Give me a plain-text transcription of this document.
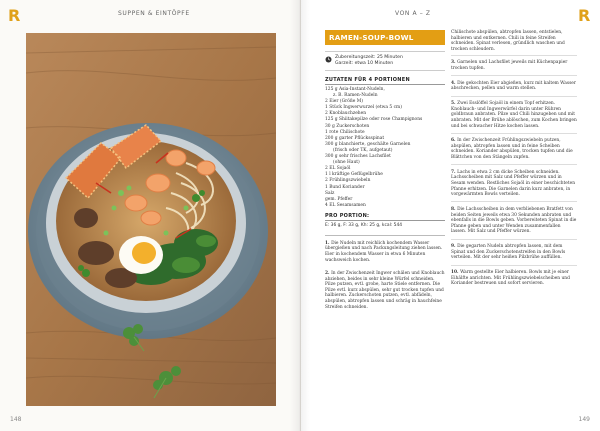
R	SUPPEN & EINTÖPFE
148
R
VON A – Z
RAMEN-SOUP-BOWL
Zubereitungszeit: 25 Minuten
Garzeit: etwa 10 Minuten
ZUTATEN FÜR 4 PORTIONEN
125 g Asia-Instant-Nudeln,
z. B. Ramen-Nudeln
2 Eier (Größe M)
1 Stück Ingwerwurzel (etwa 5 cm)
2 Knoblauchzehen
125 g Shiitakepilze oder rose Champignons
30 g Zuckerschoten
1 rote Chilischote
200 g garter Pflücksspinat
300 g blanchierte, geschälte Garnelen
(frisch oder TK, aufgetaut)
300 g sehr frisches Lachsfilet
(ohne Haut)
2 EL Sojaöl
1 l kräftige Geflügelbrühe
2 Frühlingszwiebeln
1 Bund Koriander
Salz
gem. Pfeffer
4 EL Sesamsamen
PRO PORTION:
E: 36 g, F: 33 g, Kh: 25 g, kcal: 544
1. Die Nudeln mit reichlich kochendem Wasser übergießen und nach Packungsleitung ziehen lassen. Eier in kochendem Wasser in etwa 6 Minuten wachsweich kochen.
2. In der Zwischenzeit Ingwer schälen und Knoblauch abziehen, beides in sehr kleine Würfel schneiden. Pilze putzen, evtl. grobe, harte Stiele entfernen. Die Pilze evtl. kurz abspülen, sehr gut trocken tupfen und halbieren. Zuckerschoten putzen, evtl. abfädeln, abspülen, abtropfen lassen und schräg in hauchfeine Streifen schneiden.
Chilischote abspülen, abtropfen lassen, entstielen, halbieren und entkernen. Chili in feine Streifen schneiden. Spinat verlesen, gründlich waschen und trocken schleudern.
3. Garnelen und Lachsfilet jeweils mit Küchenpapier trocken tupfen.
4. Die gekochten Eier abgießen, kurz mit kaltem Wasser abschrecken, pellen und warm stellen.
5. Zwei Esslöffel Sojaöl in einem Topf erhitzen. Knoblauch- und Ingwerwürfel darin unter Rühren goldbraun anbraten. Pilze und Chili hinzugeben und mit anbraten. Mit der Brühe ablöschen, zum Kochen bringen und bei schwacher Hitze kochen lassen.
6. In der Zwischenzeit Frühlingszwiebeln putzen, abspülen, abtropfen lassen und in feine Scheiben schneiden. Koriander abspülen, trocken tupfen und die Blättchen von den Stängeln zupfen.
7. Lachs in etwa 2 cm dicke Scheiben schneiden. Lachsscheiben mit Salz und Pfeffer würzen und in Sesam wenden. Restliches Sojaöl in einer beschichteten Pfanne erhitzen. Die Garnelen darin kurz anbraten, in vorgewärmten Bowls verteilen.
8. Die Lachsscheiben in dem verbliebenen Bratfett von beiden Seiten jeweils etwa 30 Sekunden anbraten und ebenfalls in die Bowls geben. Vorbereiteten Spinat in die Pfanne geben und unter Wenden zusammenfallen lassen. Mit Salz und Pfeffer würzen.
9. Die gegarten Nudeln abtropfen lassen, mit dem Spinat und den Zuckerschotenstreifen in den Bowls verteilen. Mit der sehr heißen Pilzbrühe auffüllen.
10. Warm gestellte Eier halbieren. Bowls mit je einer Eihälfte anrichten. Mit Frühlingszwiebelscheiben und Koriander bestreuen und sofort servieren.
149
